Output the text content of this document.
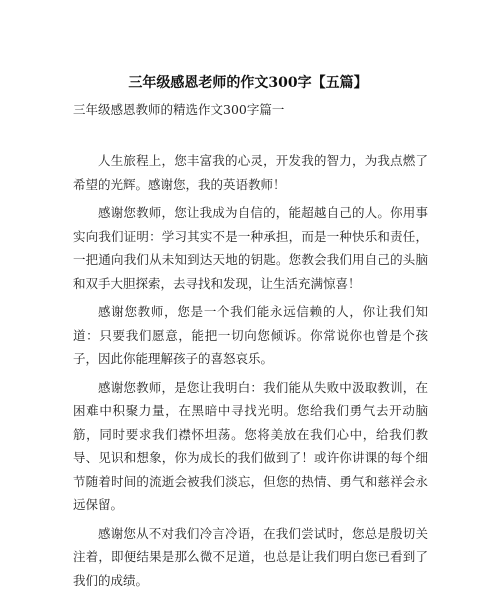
三年级感恩老师的作文300字【五篇】
三年级感恩教师的精选作文300字篇一

人生旅程上，您丰富我的心灵，开发我的智力，为我点燃了希望的光辉。感谢您，我的英语教师！

感谢您教师，您让我成为自信的，能超越自己的人。你用事实向我们证明：学习其实不是一种承担，而是一种快乐和责任，一把通向我们从未知到达天地的钥匙。您教会我们用自己的头脑和双手大胆探索，去寻找和发现，让生活充满惊喜！

感谢您教师，您是一个我们能永远信赖的人，你让我们知道：只要我们愿意，能把一切向您倾诉。你常说你也曾是个孩子，因此你能理解孩子的喜怒哀乐。

感谢您教师，是您让我明白：我们能从失败中汲取教训，在困难中积聚力量，在黑暗中寻找光明。您给我们勇气去开动脑筋，同时要求我们襟怀坦荡。您将美放在我们心中，给我们教导、见识和想象，你为成长的我们做到了！或许你讲课的每个细节随着时间的流逝会被我们淡忘，但您的热情、勇气和慈祥会永远保留。

感谢您从不对我们冷言冷语，在我们尝试时，您总是殷切关注着，即便结果是那么微不足道，也总是让我们明白您已看到了我们的成绩。
